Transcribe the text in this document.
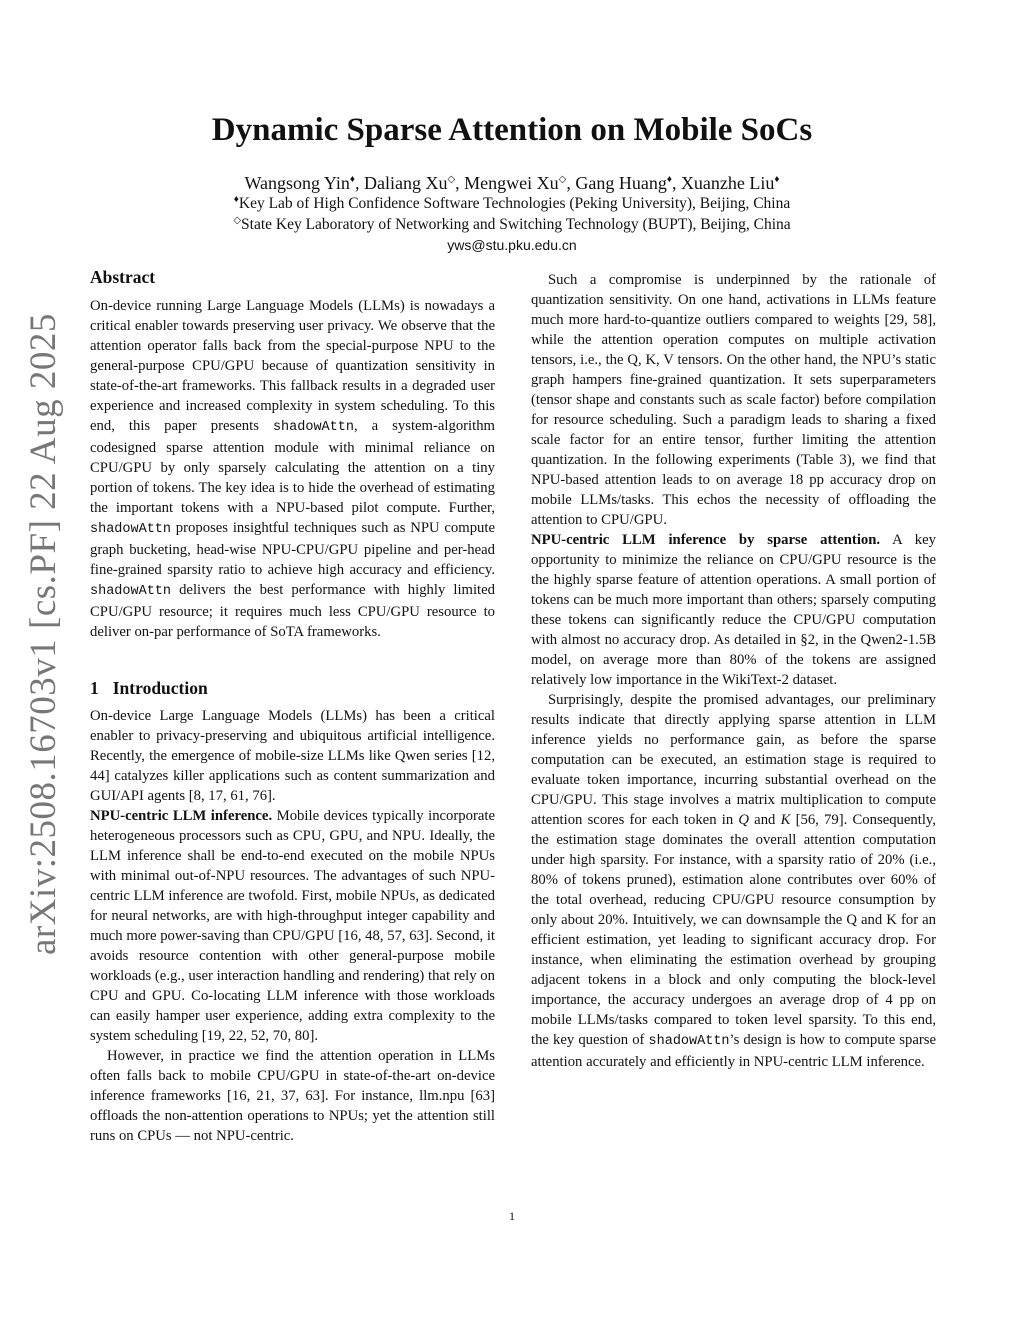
arXiv:2508.16703v1 [cs.PF] 22 Aug 2025
Dynamic Sparse Attention on Mobile SoCs
Wangsong Yin♦, Daliang Xu◇, Mengwei Xu◇, Gang Huang♦, Xuanzhe Liu♦
♦Key Lab of High Confidence Software Technologies (Peking University), Beijing, China
◇State Key Laboratory of Networking and Switching Technology (BUPT), Beijing, China
yws@stu.pku.edu.cn
Abstract

On-device running Large Language Models (LLMs) is nowadays a critical enabler towards preserving user privacy. We observe that the attention operator falls back from the special-purpose NPU to the general-purpose CPU/GPU because of quantization sensitivity in state-of-the-art frameworks. This fallback results in a degraded user experience and increased complexity in system scheduling. To this end, this paper presents shadowAttn, a system-algorithm codesigned sparse attention module with minimal reliance on CPU/GPU by only sparsely calculating the attention on a tiny portion of tokens. The key idea is to hide the overhead of estimating the important tokens with a NPU-based pilot compute. Further, shadowAttn proposes insightful techniques such as NPU compute graph bucketing, head-wise NPU-CPU/GPU pipeline and per-head fine-grained sparsity ratio to achieve high accuracy and efficiency. shadowAttn delivers the best performance with highly limited CPU/GPU resource; it requires much less CPU/GPU resource to deliver on-par performance of SoTA frameworks.

1 Introduction

On-device Large Language Models (LLMs) has been a critical enabler to privacy-preserving and ubiquitous artificial intelligence. Recently, the emergence of mobile-size LLMs like Qwen series [12, 44] catalyzes killer applications such as content summarization and GUI/API agents [8, 17, 61, 76].

NPU-centric LLM inference. Mobile devices typically incorporate heterogeneous processors such as CPU, GPU, and NPU. Ideally, the LLM inference shall be end-to-end executed on the mobile NPUs with minimal out-of-NPU resources. The advantages of such NPU-centric LLM inference are twofold. First, mobile NPUs, as dedicated for neural networks, are with high-throughput integer capability and much more power-saving than CPU/GPU [16, 48, 57, 63]. Second, it avoids resource contention with other general-purpose mobile workloads (e.g., user interaction handling and rendering) that rely on CPU and GPU. Co-locating LLM inference with those workloads can easily hamper user experience, adding extra complexity to the system scheduling [19, 22, 52, 70, 80].

However, in practice we find the attention operation in LLMs often falls back to mobile CPU/GPU in state-of-the-art on-device inference frameworks [16, 21, 37, 63]. For instance, llm.npu [63] offloads the non-attention operations to NPUs; yet the attention still runs on CPUs — not NPU-centric.

Such a compromise is underpinned by the rationale of quantization sensitivity. On one hand, activations in LLMs feature much more hard-to-quantize outliers compared to weights [29, 58], while the attention operation computes on multiple activation tensors, i.e., the Q, K, V tensors. On the other hand, the NPU’s static graph hampers fine-grained quantization. It sets superparameters (tensor shape and constants such as scale factor) before compilation for resource scheduling. Such a paradigm leads to sharing a fixed scale factor for an entire tensor, further limiting the attention quantization. In the following experiments (Table 3), we find that NPU-based attention leads to on average 18 pp accuracy drop on mobile LLMs/tasks. This echos the necessity of offloading the attention to CPU/GPU.

NPU-centric LLM inference by sparse attention. A key opportunity to minimize the reliance on CPU/GPU resource is the the highly sparse feature of attention operations. A small portion of tokens can be much more important than others; sparsely computing these tokens can significantly reduce the CPU/GPU computation with almost no accuracy drop. As detailed in §2, in the Qwen2-1.5B model, on average more than 80% of the tokens are assigned relatively low importance in the WikiText-2 dataset.

Surprisingly, despite the promised advantages, our preliminary results indicate that directly applying sparse attention in LLM inference yields no performance gain, as before the sparse computation can be executed, an estimation stage is required to evaluate token importance, incurring substantial overhead on the CPU/GPU. This stage involves a matrix multiplication to compute attention scores for each token in Q and K [56, 79]. Consequently, the estimation stage dominates the overall attention computation under high sparsity. For instance, with a sparsity ratio of 20% (i.e., 80% of tokens pruned), estimation alone contributes over 60% of the total overhead, reducing CPU/GPU resource consumption by only about 20%. Intuitively, we can downsample the Q and K for an efficient estimation, yet leading to significant accuracy drop. For instance, when eliminating the estimation overhead by grouping adjacent tokens in a block and only computing the block-level importance, the accuracy undergoes an average drop of 4 pp on mobile LLMs/tasks compared to token level sparsity. To this end, the key question of shadowAttn’s design is how to compute sparse attention accurately and efficiently in NPU-centric LLM inference.

1
